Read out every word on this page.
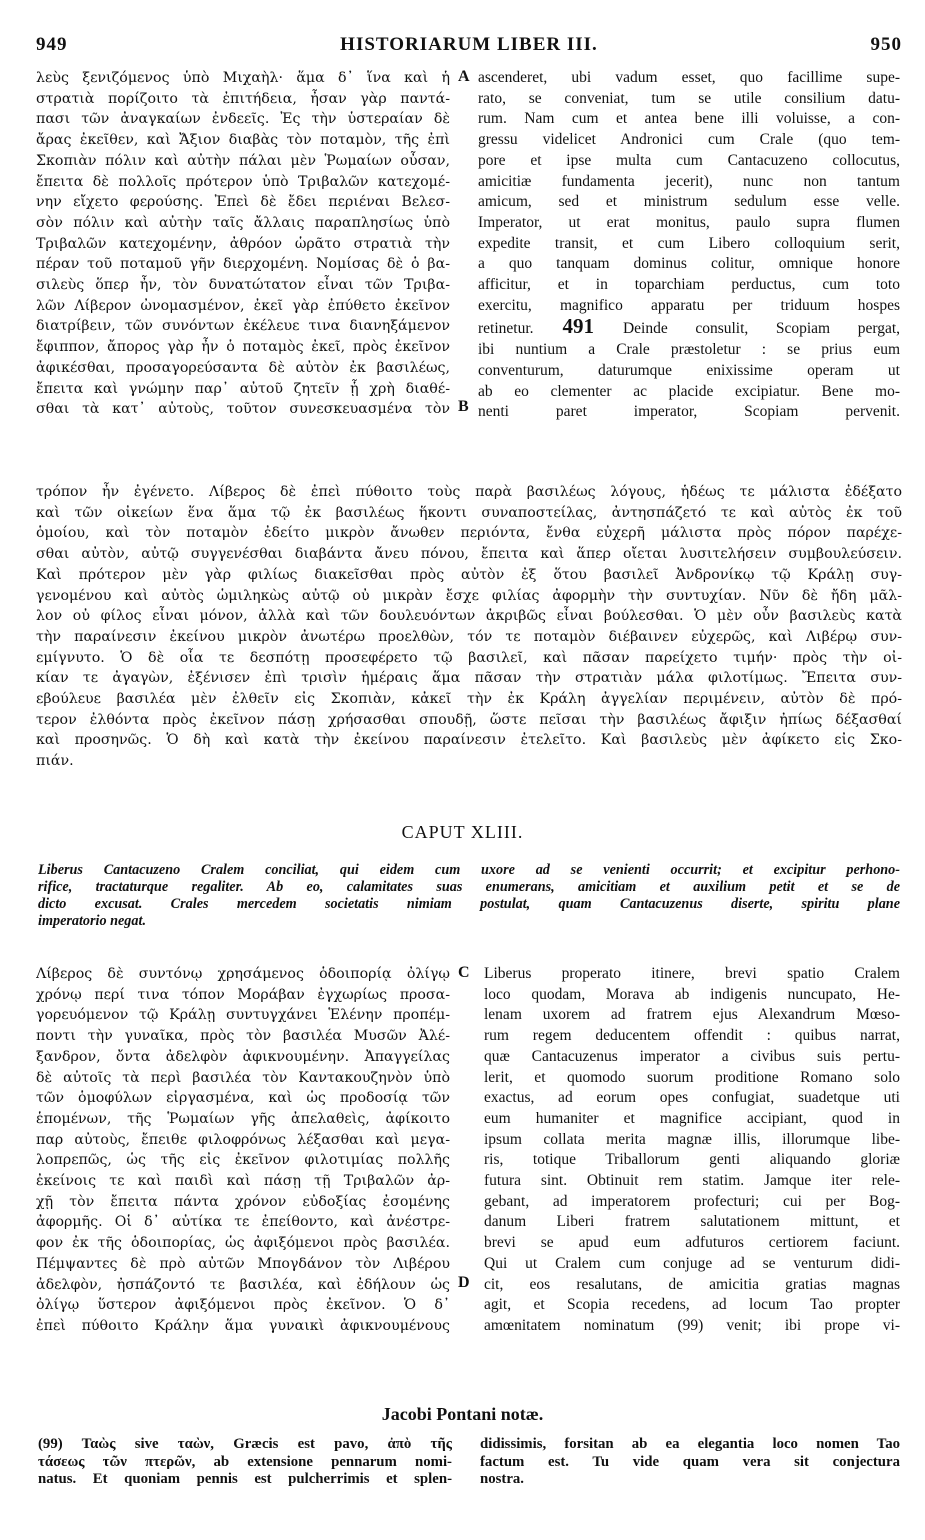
949	HISTORIARUM LIBER III.	950
λεὺς ξενιζόμενος ὑπὸ Μιχαὴλ· ἅμα δ᾿ ἵνα καὶ ἡ
στρατιὰ πορίζοιτο τὰ ἐπιτήδεια, ἦσαν γὰρ παντά-
πασι τῶν ἀναγκαίων ἐνδεεῖς. Ἐς τὴν ὑστεραίαν δὲ
ἄρας ἐκεῖθεν, καὶ Ἄξιον διαβὰς τὸν ποταμὸν, τῆς ἐπὶ
Σκοπιὰν πόλιν καὶ αὐτὴν πάλαι μὲν Ῥωμαίων οὖσαν,
ἔπειτα δὲ πολλοῖς πρότερον ὑπὸ Τριβαλῶν κατεχομέ-
νην εἴχετο φερούσης. Ἐπεὶ δὲ ἔδει περιέναι Βελεσ-
σὸν πόλιν καὶ αὐτὴν ταῖς ἄλλαις παραπλησίως ὑπὸ
Τριβαλῶν κατεχομένην, ἀθρόον ὡρᾶτο στρατιὰ τὴν
πέραν τοῦ ποταμοῦ γῆν διερχομένη. Νομίσας δὲ ὁ βα-
σιλεὺς ὅπερ ἦν, τὸν δυνατώτατον εἶναι τῶν Τριβα-
λῶν Λίβερον ὠνομασμένον, ἐκεῖ γὰρ ἐπύθετο ἐκεῖνον
διατρίβειν, τῶν συνόντων ἐκέλευε τινα διανηξάμενον
ἔφιππον, ἄπορος γὰρ ἦν ὁ ποταμὸς ἐκεῖ, πρὸς ἐκεῖνον
ἀφικέσθαι, προσαγορεύσαντα δὲ αὐτὸν ἐκ βασιλέως,
ἔπειτα καὶ γνώμην παρ᾿ αὐτοῦ ζητεῖν ᾗ χρὴ διαθέ-
σθαι τὰ κατ᾿ αὐτοὺς, τοῦτον συνεσκευασμένα τὸν
ascenderet, ubi vadum esset, quo facillime supe-
rato, se conveniat, tum se utile consilium datu-
rum. Nam cum et antea bene illi voluisse, a con-
gressu videlicet Andronici cum Crale (quo tem-
pore et ipse multa cum Cantacuzeno collocutus,
amicitiæ fundamenta jecerit), nunc non tantum
amicum, sed et ministrum sedulum esse velle.
Imperator, ut erat monitus, paulo supra flumen
expedite transit, et cum Libero colloquium serit,
a quo tanquam dominus colitur, omnique honore
afficitur, et in toparchiam perductus, cum toto
exercitu, magnifico apparatu per triduum hospes
retinetur. 491 Deinde consulit, Scopiam pergat,
ibi nuntium a Crale præstoletur : se prius eum
conventurum, daturumque enixissime operam ut
ab eo clementer ac placide excipiatur. Bene mo-
nenti paret imperator, Scopiam pervenit.
A
B
τρόπον ἦν ἐγένετο. Λίβερος δὲ ἐπεὶ πύθοιτο τοὺς παρὰ βασιλέως λόγους, ἡδέως τε μάλιστα ἐδέξατο
καὶ τῶν οἰκείων ἕνα ἅμα τῷ ἐκ βασιλέως ἥκοντι συναποστείλας, ἀντησπάζετό τε καὶ αὐτὸς ἐκ τοῦ
ὁμοίου, καὶ τὸν ποταμὸν ἐδείτο μικρὸν ἄνωθεν περιόντα, ἔνθα εὐχερῆ μάλιστα πρὸς πόρον παρέχε-
σθαι αὐτὸν, αὐτῷ συγγενέσθαι διαβάντα ἄνευ πόνου, ἔπειτα καὶ ἅπερ οἴεται λυσιτελήσειν συμβουλεύσειν.
Καὶ πρότερον μὲν γὰρ φιλίως διακεῖσθαι πρὸς αὐτὸν ἐξ ὅτου βασιλεῖ Ἀνδρονίκῳ τῷ Κράλῃ συγ-
γενομένου καὶ αὐτὸς ὡμιληκὼς αὐτῷ οὐ μικρὰν ἔσχε φιλίας ἀφορμὴν τὴν συντυχίαν. Νῦν δὲ ἤδη μᾶλ-
λον οὐ φίλος εἶναι μόνον, ἀλλὰ καὶ τῶν δουλευόντων ἀκριβῶς εἶναι βούλεσθαι. Ὁ μὲν οὖν βασιλεὺς κατὰ
τὴν παραίνεσιν ἐκείνου μικρὸν ἀνωτέρω προελθὼν, τόν τε ποταμὸν διέβαινεν εὐχερῶς, καὶ Λιβέρῳ συν-
εμίγνυτο. Ὁ δὲ οἷα τε δεσπότῃ προσεφέρετο τῷ βασιλεῖ, καὶ πᾶσαν παρείχετο τιμήν· πρὸς τὴν οἰ-
κίαν τε ἀγαγὼν, ἐξένισεν ἐπὶ τρισὶν ἡμέραις ἅμα πᾶσαν τὴν στρατιὰν μάλα φιλοτίμως. Ἔπειτα συν-
εβούλευε βασιλέα μὲν ἐλθεῖν εἰς Σκοπιὰν, κἀκεῖ τὴν ἐκ Κράλη ἀγγελίαν περιμένειν, αὐτὸν δὲ πρό-
τερον ἐλθόντα πρὸς ἐκεῖνον πάσῃ χρήσασθαι σπουδῇ, ὥστε πεῖσαι τὴν βασιλέως ἄφιξιν ἠπίως δέξασθαί
καὶ προσηνῶς. Ὁ δὴ καὶ κατὰ τὴν ἐκείνου παραίνεσιν ἐτελεῖτο. Καὶ βασιλεὺς μὲν ἀφίκετο εἰς Σκο-
πιάν.
CAPUT XLIII.
Liberus Cantacuzeno Cralem conciliat, qui eidem cum uxore ad se venienti occurrit; et excipitur perhono-
rifice, tractaturque regaliter. Ab eo, calamitates suas enumerans, amicitiam et auxilium petit et se de
dicto excusat. Crales mercedem societatis nimiam postulat, quam Cantacuzenus diserte, spiritu plane
imperatorio negat.
Λίβερος δὲ συντόνῳ χρησάμενος ὁδοιπορίᾳ ὀλίγῳ
χρόνῳ περί τινα τόπον Μοράβαν ἐγχωρίως προσα-
γορευόμενον τῷ Κράλῃ συντυγχάνει Ἑλένην προπέμ-
ποντι τὴν γυναῖκα, πρὸς τὸν βασιλέα Μυσῶν Ἀλέ-
ξανδρον, ὄντα ἀδελφὸν ἀφικνουμένην. Ἀπαγγείλας
δὲ αὐτοῖς τὰ περὶ βασιλέα τὸν Καντακουζηνὸν ὑπὸ
τῶν ὁμοφύλων εἰργασμένα, καὶ ὡς προδοσίᾳ τῶν
ἑπομένων, τῆς Ῥωμαίων γῆς ἀπελαθεὶς, ἀφίκοιτο
παρ αὐτοὺς, ἔπειθε φιλοφρόνως λέξασθαι καὶ μεγα-
λοπρεπῶς, ὡς τῆς εἰς ἐκεῖνον φιλοτιμίας πολλῆς
ἐκείνοις τε καὶ παιδὶ καὶ πάσῃ τῇ Τριβαλῶν ἀρ-
χῇ τὸν ἔπειτα πάντα χρόνον εὐδοξίας ἐσομένης
ἀφορμῆς. Οἱ δ᾿ αὐτίκα τε ἐπείθοντο, καὶ ἀνέστρε-
φον ἐκ τῆς ὁδοιπορίας, ὡς ἀφιξόμενοι πρὸς βασιλέα.
Πέμψαντες δὲ πρὸ αὐτῶν Μπογδάνον τὸν Λιβέρου
ἀδελφὸν, ἠσπάζοντό τε βασιλέα, καὶ ἐδήλουν ὡς
ὀλίγῳ ὕστερον ἀφιξόμενοι πρὸς ἐκεῖνον. Ὁ δ᾿
ἐπεὶ πύθοιτο Κράλην ἅμα γυναικὶ ἀφικνουμένους
Liberus properato itinere, brevi spatio Cralem
loco quodam, Morava ab indigenis nuncupato, He-
lenam uxorem ad fratrem ejus Alexandrum Mœso-
rum regem deducentem offendit : quibus narrat,
quæ Cantacuzenus imperator a civibus suis pertu-
lerit, et quomodo suorum proditione Romano solo
exactus, ad eorum opes confugiat, suadetque uti
eum humaniter et magnifice accipiant, quod in
ipsum collata merita magnæ illis, illorumque libe-
ris, totique Triballorum genti aliquando gloriæ
futura sint. Obtinuit rem statim. Jamque iter rele-
gebant, ad imperatorem profecturi; cui per Bog-
danum Liberi fratrem salutationem mittunt, et
brevi se apud eum adfuturos certiorem faciunt.
Qui ut Cralem cum conjuge ad se venturum didi-
cit, eos resalutans, de amicitia gratias magnas
agit, et Scopia recedens, ad locum Tao propter
amœnitatem nominatum (99) venit; ibi prope vi-
C
D
Jacobi Pontani notæ.
(99) Ταὼς sive ταὼν, Græcis est pavo, ἀπὸ τῆς
τάσεως τῶν πτερῶν, ab extensione pennarum nomi-
natus. Et quoniam pennis est pulcherrimis et splen-
didissimis, forsitan ab ea elegantia loco nomen Tao
factum est. Tu vide quam vera sit conjectura
nostra.
